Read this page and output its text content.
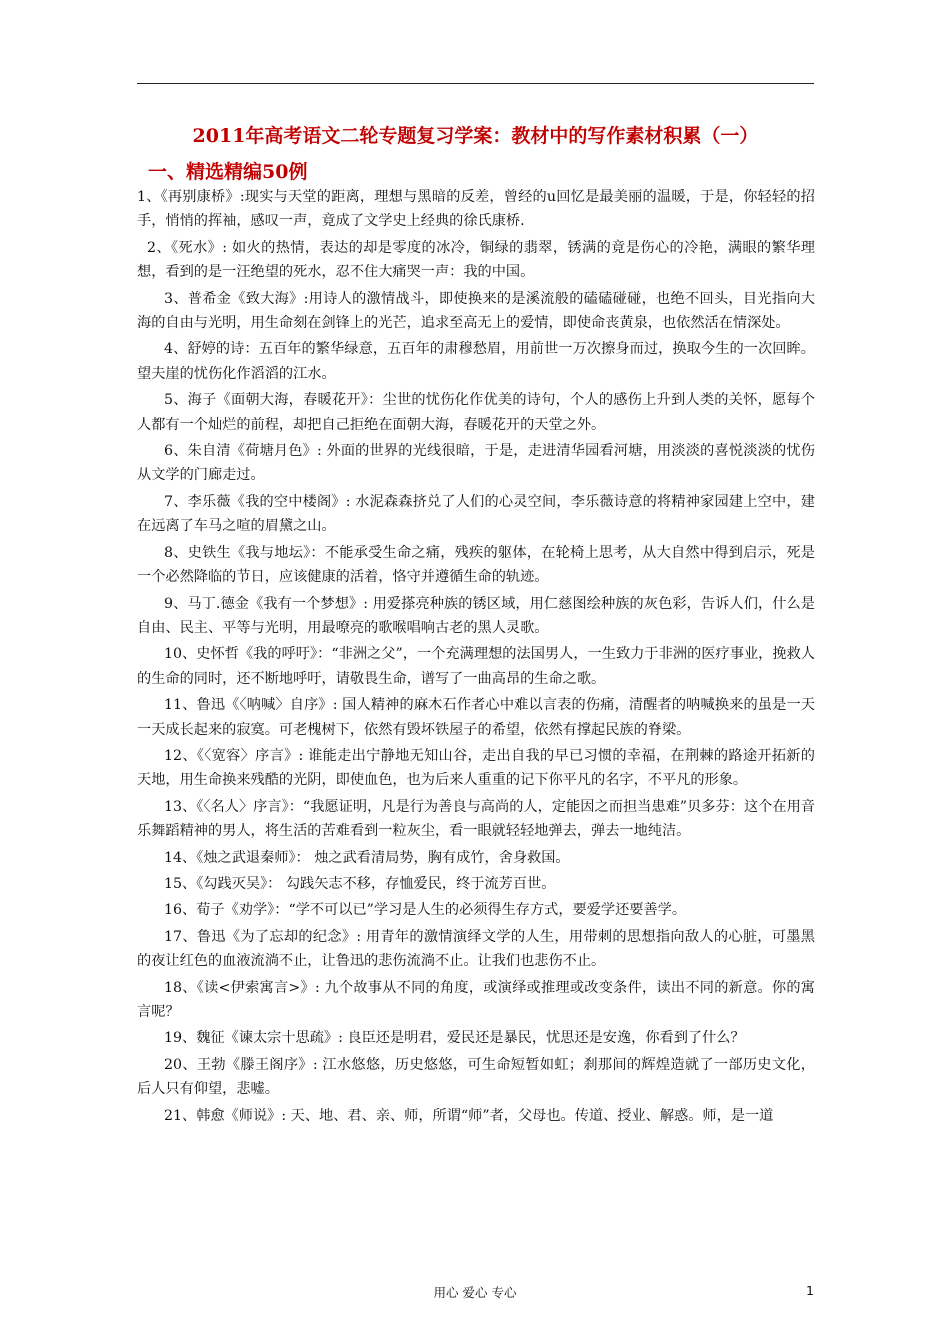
2011年高考语文二轮专题复习学案：教材中的写作素材积累（一）
一、精选精编50例

1、《再别康桥》:现实与天堂的距离，理想与黑暗的反差，曾经的u回忆是最美丽的温暖，于是，你轻轻的招手，悄悄的挥袖，感叹一声，竟成了文学史上经典的徐氏康桥.

2、《死水》: 如火的热情，表达的却是零度的冰冷，铜绿的翡翠，锈满的竟是伤心的冷艳，满眼的繁华理想，看到的是一汪绝望的死水，忍不住大痛哭一声：我的中国。

3、普希金《致大海》:用诗人的激情战斗，即使换来的是溪流般的磕磕碰碰，也绝不回头，目光指向大海的自由与光明，用生命刻在剑锋上的光芒，追求至高无上的爱情，即使命丧黄泉，也依然活在情深处。

4、舒婷的诗：五百年的繁华绿意，五百年的肃穆愁眉，用前世一万次擦身而过，换取今生的一次回眸。望夫崖的忧伤化作滔滔的江水。

5、海子《面朝大海，春暖花开》：尘世的忧伤化作优美的诗句，个人的感伤上升到人类的关怀，愿每个人都有一个灿烂的前程，却把自己拒绝在面朝大海，春暖花开的天堂之外。

6、朱自清《荷塘月色》: 外面的世界的光线很暗，于是，走进清华园看河塘，用淡淡的喜悦淡淡的忧伤从文学的门廊走过。

7、李乐薇《我的空中楼阁》: 水泥森森挤兑了人们的心灵空间，李乐薇诗意的将精神家园建上空中，建在远离了车马之喧的眉黛之山。

8、史铁生《我与地坛》：不能承受生命之痛，残疾的躯体，在轮椅上思考，从大自然中得到启示，死是一个必然降临的节日，应该健康的活着，恪守并遵循生命的轨迹。

9、马丁.德金《我有一个梦想》: 用爱搽亮种族的锈区域，用仁慈图绘种族的灰色彩，告诉人们，什么是自由、民主、平等与光明，用最嘹亮的歌喉唱响古老的黑人灵歌。

10、史怀哲《我的呼吁》：“非洲之父”，一个充满理想的法国男人，一生致力于非洲的医疗事业，挽救人的生命的同时，还不断地呼吁，请敬畏生命，谱写了一曲高昂的生命之歌。

11、鲁迅《〈呐喊〉自序》: 国人精神的麻木石作者心中难以言表的伤痛，清醒者的呐喊换来的虽是一天一天成长起来的寂寞。可老槐树下，依然有毁坏铁屋子的希望，依然有撑起民族的脊梁。

12、《〈宽容〉序言》: 谁能走出宁静地无知山谷，走出自我的早已习惯的幸福，在荆棘的路途开拓新的天地，用生命换来残酷的光阴，即使血色，也为后来人重重的记下你平凡的名字，不平凡的形象。

13、《〈名人〉序言》：“我愿证明，凡是行为善良与高尚的人，定能因之而担当患难”贝多芬：这个在用音乐舞蹈精神的男人，将生活的苦难看到一粒灰尘，看一眼就轻轻地弹去，弹去一地纯洁。

14、《烛之武退秦师》： 烛之武看清局势，胸有成竹，舍身救国。

15、《勾践灭吴》： 勾践矢志不移，存恤爱民，终于流芳百世。

16、荀子《劝学》：“学不可以已”学习是人生的必须得生存方式，要爱学还要善学。

17、鲁迅《为了忘却的纪念》: 用青年的激情演绎文学的人生，用带刺的思想指向敌人的心脏，可墨黑的夜让红色的血液流淌不止，让鲁迅的悲伤流淌不止。让我们也悲伤不止。

18、《读<伊索寓言>》: 九个故事从不同的角度，或演绎或推理或改变条件，读出不同的新意。你的寓言呢？

19、魏征《谏太宗十思疏》: 良臣还是明君，爱民还是暴民，忧思还是安逸，你看到了什么？

20、王勃《滕王阁序》: 江水悠悠，历史悠悠，可生命短暂如虹；刹那间的辉煌造就了一部历史文化，后人只有仰望，悲嘘。

21、韩愈《师说》: 天、地、君、亲、师，所谓“师”者，父母也。传道、授业、解惑。师，是一道

用心 爱心 专心	1
